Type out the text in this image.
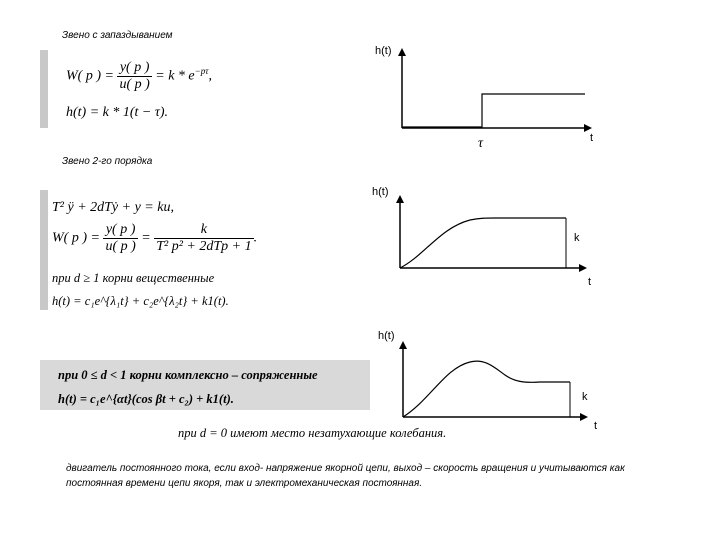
Звено с запаздыванием
W( p ) = $\frac{y( p )}{u( p )} = k * e^{-p\tau}$,
h(t) = k * 1(t − τ).
h(t)
t
τ
Звено 2-го порядка
T² ÿ + 2dTẏ + y = ku,
W( p ) = $\frac{y( p )}{u( p )} = \frac{k}{\text{T² p² + 2dTp + 1}}$ .
при d ≥ 1 корни вещественные
h(t) = c₁e^{λ₁t} + c₂e^{λ₂t} + k1(t).
h(t)
k
t
при 0 ≤ d < 1 корни комплексно – сопряженные
h(t) = c₁e^{αt}(cos βt + c₂) + k1(t).
при d = 0 имеют место незатухающие колебания.
h(t)
k
t
двигатель постоянного тока, если вход- напряжение якорной цепи, выход – скорость вращения и учитываются как постоянная времени цепи якоря, так и электромеханическая постоянная.
